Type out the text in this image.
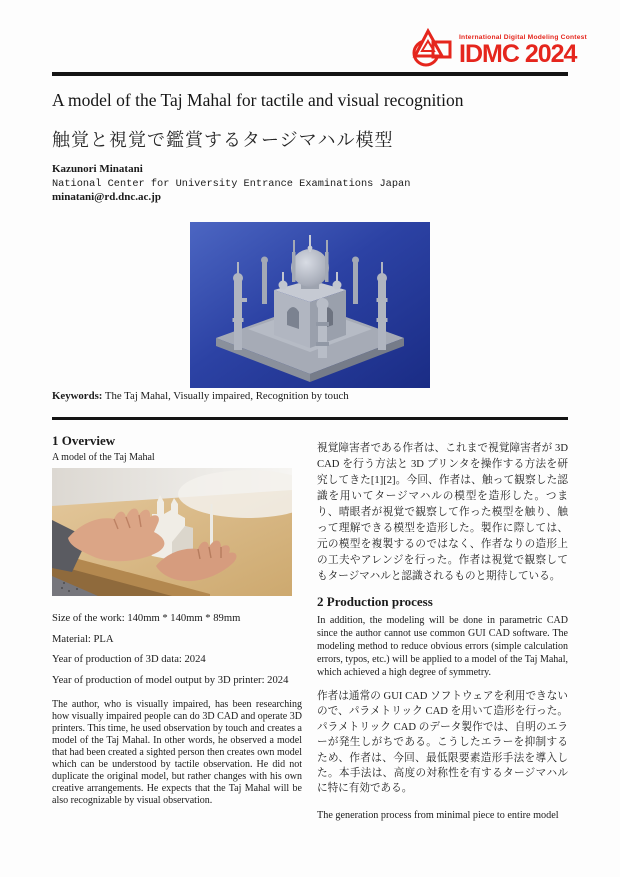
International Digital Modeling Contest
IDMC 2024
A model of the Taj Mahal for tactile and visual recognition
触覚と視覚で鑑賞するタージマハル模型
Kazunori Minatani
National Center for University Entrance Examinations Japan
minatani@rd.dnc.ac.jp
Keywords: The Taj Mahal, Visually impaired, Recognition by touch
1 Overview
A model of the Taj Mahal
Size of the work: 140mm * 140mm * 89mm
Material: PLA
Year of production of 3D data: 2024
Year of production of model output by 3D printer: 2024
The author, who is visually impaired, has been researching how visually impaired people can do 3D CAD and operate 3D printers. This time, he used observation by touch and creates a model of the Taj Mahal. In other words, he observed a model that had been created a sighted person then creates own model which can be understood by tactile observation. He did not duplicate the original model, but rather changes with his own creative arrangements. He expects that the Taj Mahal will be also recognizable by visual observation.
視覚障害者である作者は、これまで視覚障害者が 3D CAD を行う方法と 3D プリンタを操作する方法を研究してきた[1][2]。今回、作者は、触って観察した認識を用いてタージマハルの模型を造形した。つまり、晴眼者が視覚で観察して作った模型を触り、触って理解できる模型を造形した。製作に際しては、元の模型を複製するのではなく、作者なりの造形上の工夫やアレンジを行った。作者は視覚で観察してもタージマハルと認識されるものと期待している。
2 Production process
In addition, the modeling will be done in parametric CAD since the author cannot use common GUI CAD software. The modeling method to reduce obvious errors (simple calculation errors, typos, etc.) will be applied to a model of the Taj Mahal, which achieved a high degree of symmetry.
作者は通常の GUI CAD ソフトウェアを利用できないので、パラメトリック CAD を用いて造形を行った。パラメトリック CAD のデータ製作では、自明のエラーが発生しがちである。こうしたエラーを抑制するため、作者は、今回、最低限要素造形手法を導入した。本手法は、高度の対称性を有するタージマハルに特に有効である。
The generation process from minimal piece to entire model
